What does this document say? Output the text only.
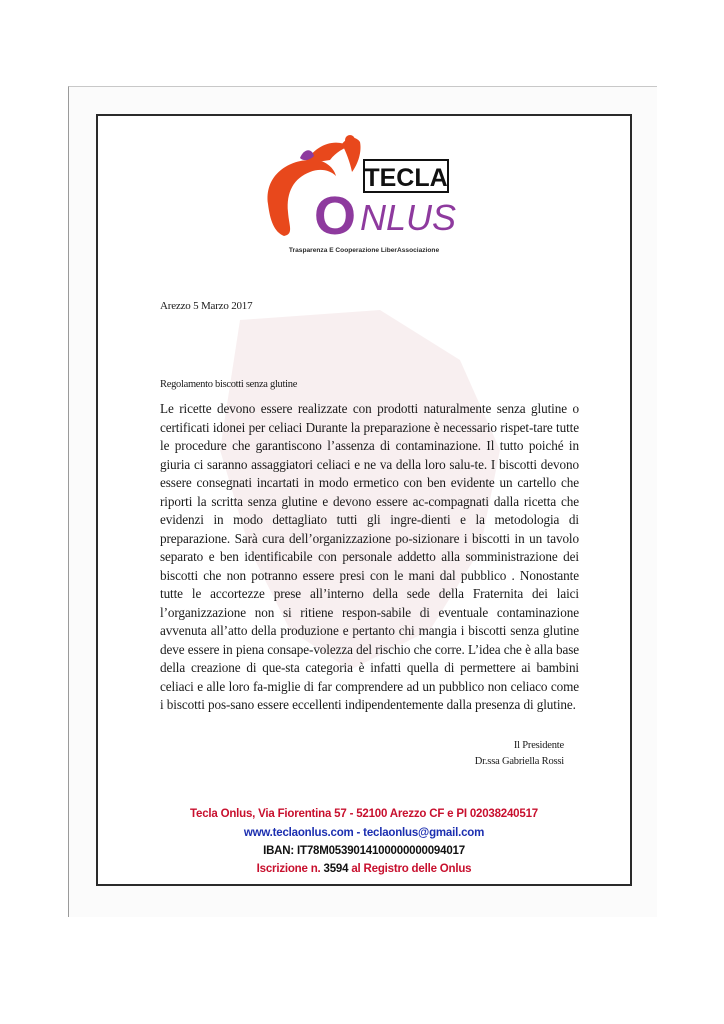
TECLA
O NLUS
Trasparenza E Cooperazione LiberAssociazione
Arezzo 5 Marzo 2017
Regolamento biscotti senza glutine

Le ricette devono essere realizzate con prodotti naturalmente senza glutine o certificati idonei per celiaci Durante la preparazione è necessario rispet-tare tutte le procedure che garantiscono l’assenza di contaminazione. Il tutto poiché in giuria ci saranno assaggiatori celiaci e ne va della loro salu-te. I biscotti devono essere consegnati incartati in modo ermetico con ben evidente un cartello che riporti la scritta senza glutine e devono essere ac-compagnati dalla ricetta che evidenzi in modo dettagliato tutti gli ingre-dienti e la metodologia di preparazione. Sarà cura dell’organizzazione po-sizionare i biscotti in un tavolo separato e ben identificabile con personale addetto alla somministrazione dei biscotti che non potranno essere presi con le mani dal pubblico . Nonostante tutte le accortezze prese all’interno della sede della Fraternita dei laici l’organizzazione non si ritiene respon-sabile di eventuale contaminazione avvenuta all’atto della produzione e pertanto chi mangia i biscotti senza glutine deve essere in piena consape-volezza del rischio che corre. L’idea che è alla base della creazione di que-sta categoria è infatti quella di permettere ai bambini celiaci e alle loro fa-miglie di far comprendere ad un pubblico non celiaco come i biscotti pos-sano essere eccellenti indipendentemente dalla presenza di glutine.

Il Presidente
Dr.ssa Gabriella Rossi
Tecla Onlus, Via Fiorentina 57 - 52100 Arezzo CF e PI 02038240517
www.teclaonlus.com - teclaonlus@gmail.com
IBAN: IT78M0539014100000000094017
Iscrizione n. 3594 al Registro delle Onlus
